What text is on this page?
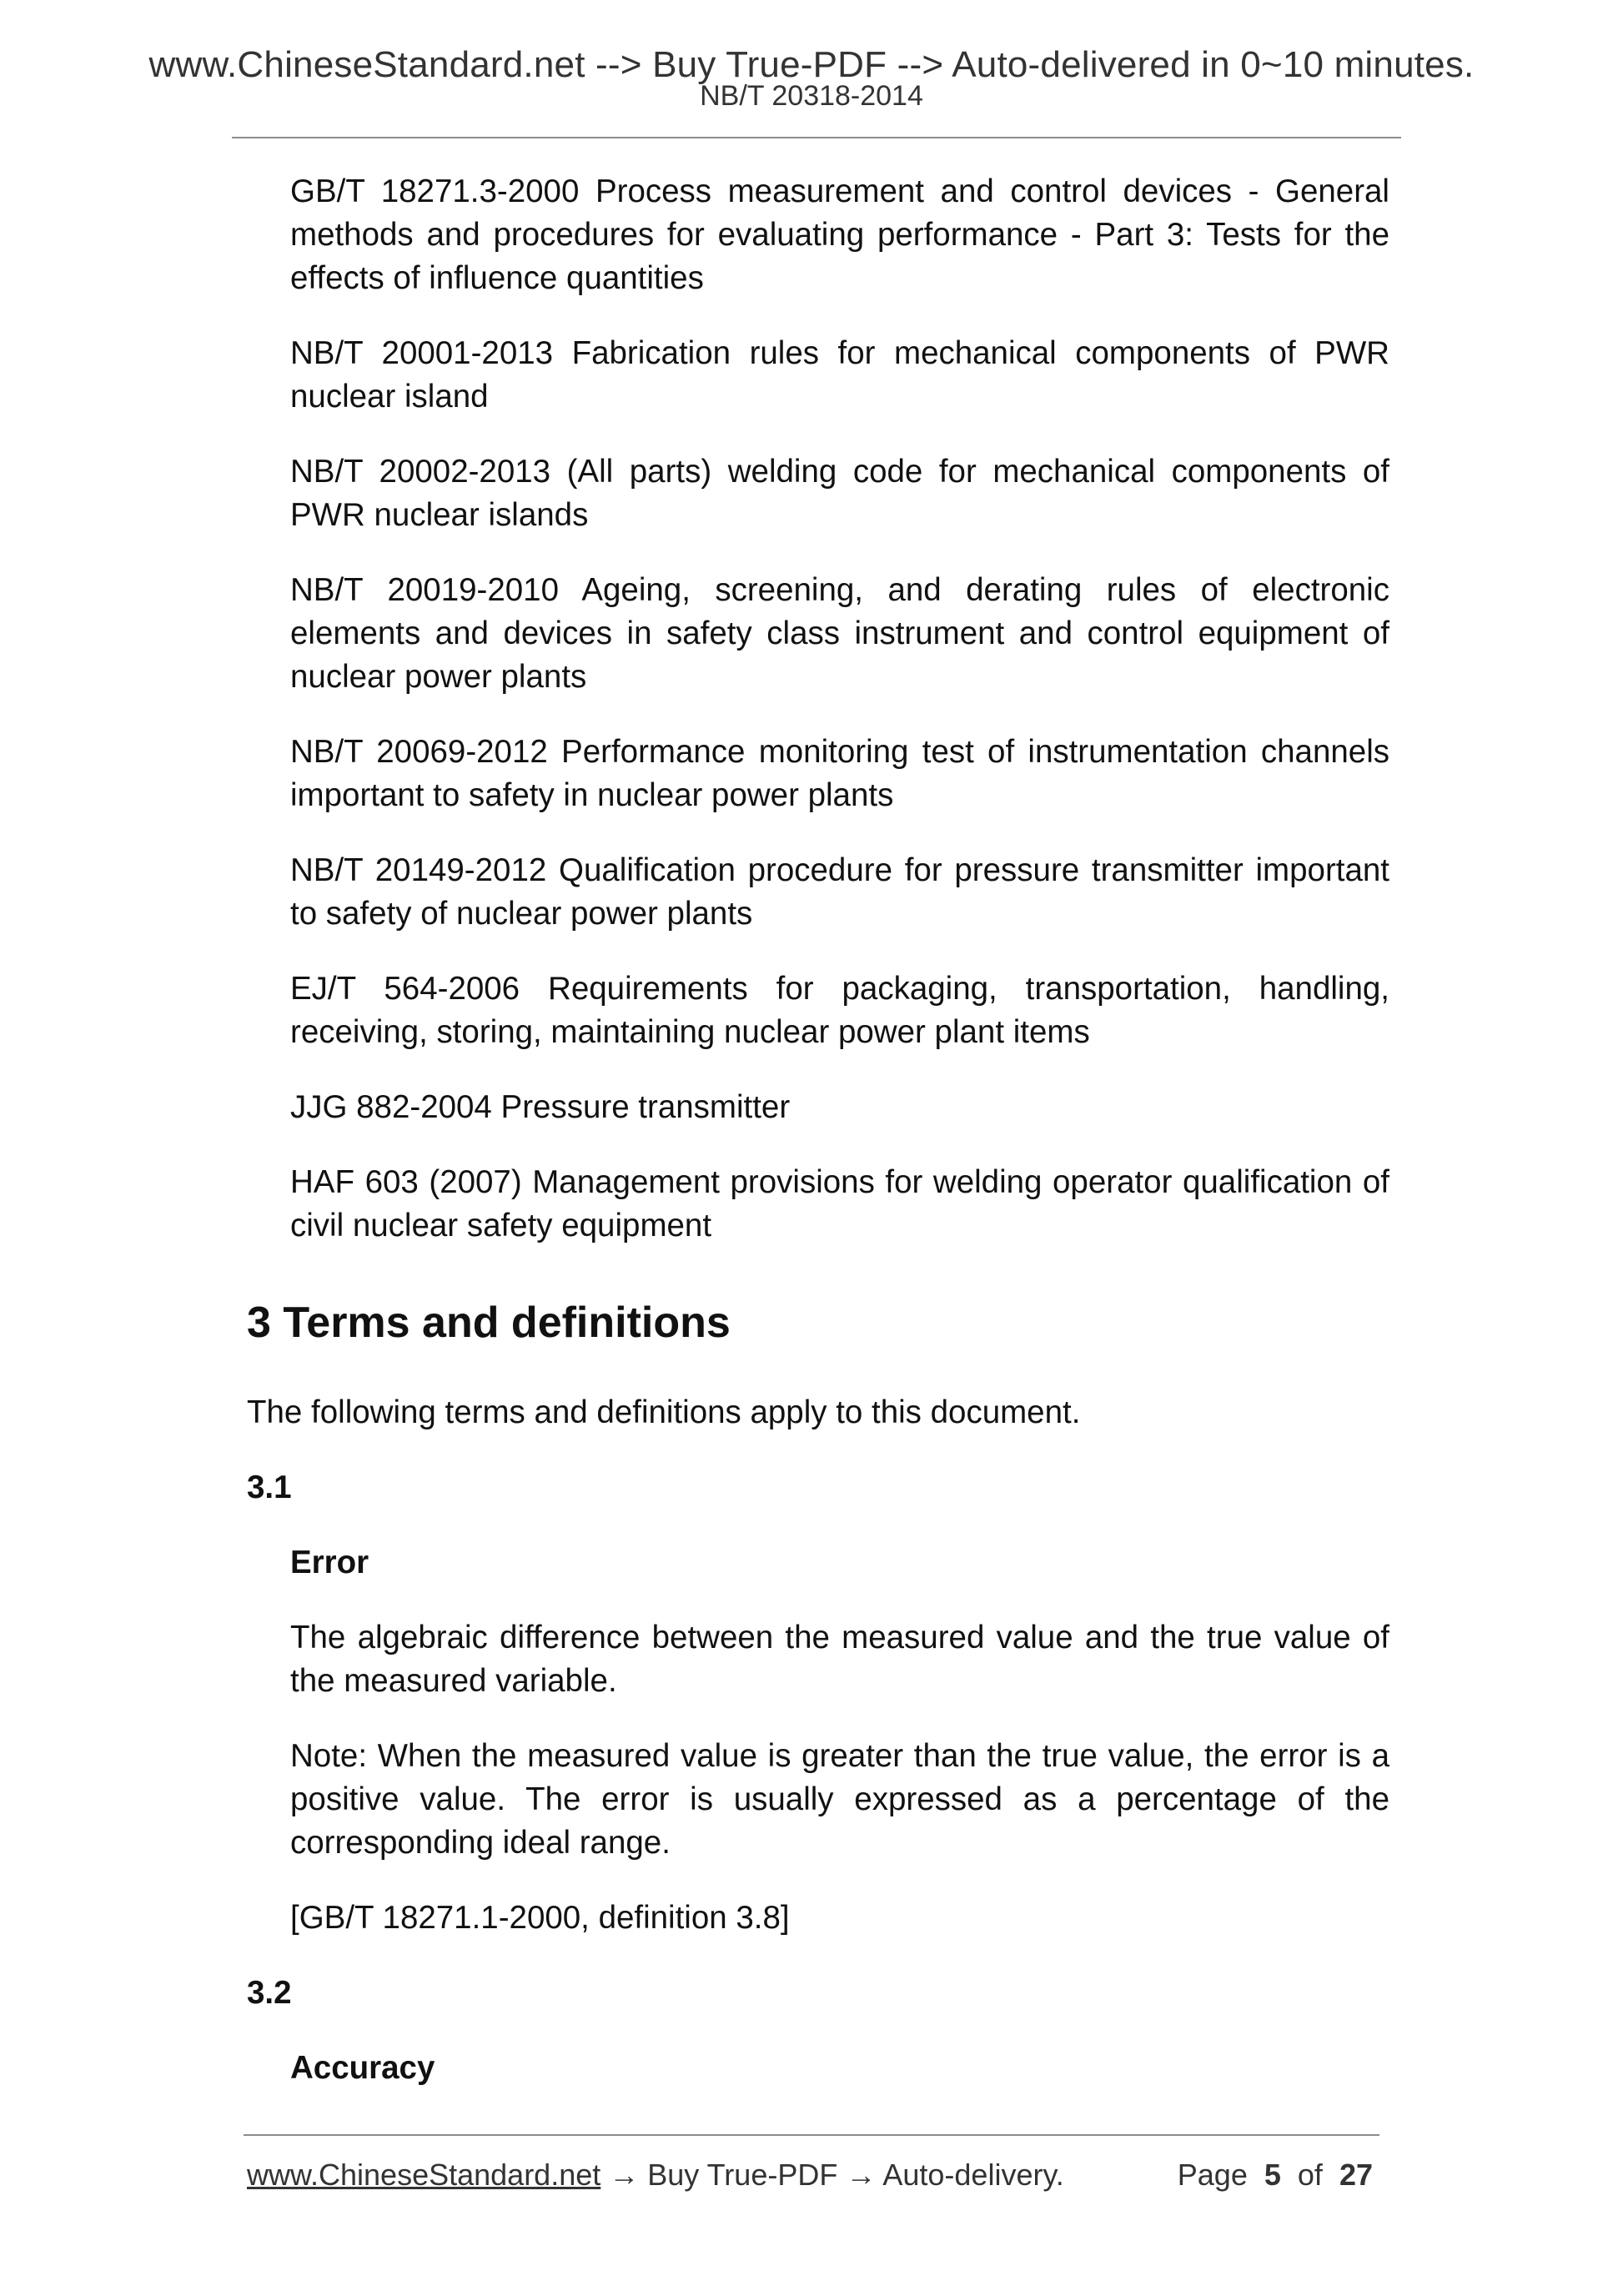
www.ChineseStandard.net --> Buy True-PDF --> Auto-delivered in 0~10 minutes.
NB/T 20318-2014

GB/T 18271.3-2000 Process measurement and control devices - General methods and procedures for evaluating performance - Part 3: Tests for the effects of influence quantities

NB/T 20001-2013 Fabrication rules for mechanical components of PWR nuclear island

NB/T 20002-2013 (All parts) welding code for mechanical components of PWR nuclear islands

NB/T 20019-2010 Ageing, screening, and derating rules of electronic elements and devices in safety class instrument and control equipment of nuclear power plants

NB/T 20069-2012 Performance monitoring test of instrumentation channels important to safety in nuclear power plants

NB/T 20149-2012 Qualification procedure for pressure transmitter important to safety of nuclear power plants

EJ/T 564-2006 Requirements for packaging, transportation, handling, receiving, storing, maintaining nuclear power plant items

JJG 882-2004 Pressure transmitter

HAF 603 (2007) Management provisions for welding operator qualification of civil nuclear safety equipment

3 Terms and definitions

The following terms and definitions apply to this document.

3.1
Error

The algebraic difference between the measured value and the true value of the measured variable.

Note: When the measured value is greater than the true value, the error is a positive value. The error is usually expressed as a percentage of the corresponding ideal range.

[GB/T 18271.1-2000, definition 3.8]

3.2
Accuracy
www.ChineseStandard.net → Buy True-PDF → Auto-delivery.	Page 5 of 27
